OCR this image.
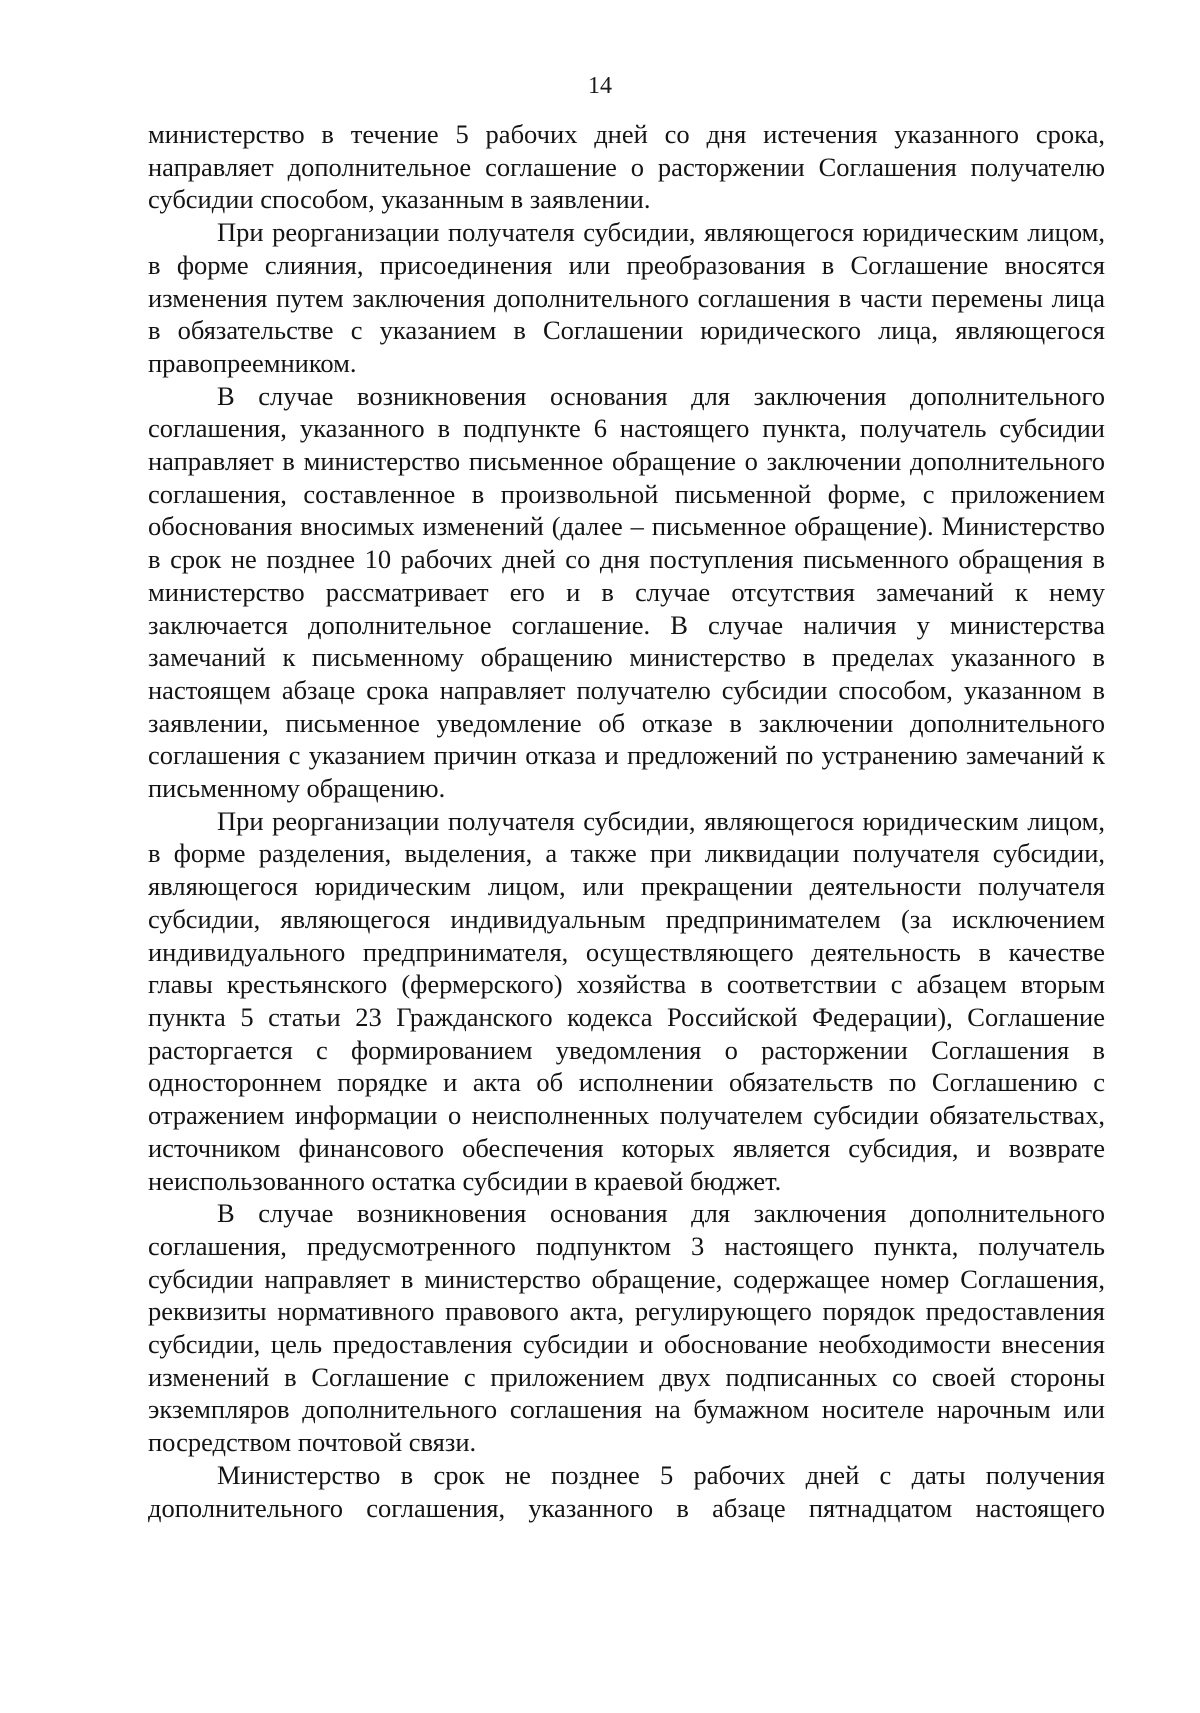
14

министерство в течение 5 рабочих дней со дня истечения указанного срока, направляет дополнительное соглашение о расторжении Соглашения получателю субсидии способом, указанным в заявлении.

При реорганизации получателя субсидии, являющегося юридическим лицом, в форме слияния, присоединения или преобразования в Соглашение вносятся изменения путем заключения дополнительного соглашения в части перемены лица в обязательстве с указанием в Соглашении юридического лица, являющегося правопреемником.

В случае возникновения основания для заключения дополнительного соглашения, указанного в подпункте 6 настоящего пункта, получатель субсидии направляет в министерство письменное обращение о заключении дополнительного соглашения, составленное в произвольной письменной форме, с приложением обоснования вносимых изменений (далее – письменное обращение). Министерство в срок не позднее 10 рабочих дней со дня поступления письменного обращения в министерство рассматривает его и в случае отсутствия замечаний к нему заключается дополнительное соглашение. В случае наличия у министерства замечаний к письменному обращению министерство в пределах указанного в настоящем абзаце срока направляет получателю субсидии способом, указанном в заявлении, письменное уведомление об отказе в заключении дополнительного соглашения с указанием причин отказа и предложений по устранению замечаний к письменному обращению.

При реорганизации получателя субсидии, являющегося юридическим лицом, в форме разделения, выделения, а также при ликвидации получателя субсидии, являющегося юридическим лицом, или прекращении деятельности получателя субсидии, являющегося индивидуальным предпринимателем (за исключением индивидуального предпринимателя, осуществляющего деятельность в качестве главы крестьянского (фермерского) хозяйства в соответствии с абзацем вторым пункта 5 статьи 23 Гражданского кодекса Российской Федерации), Соглашение расторгается с формированием уведомления о расторжении Соглашения в одностороннем порядке и акта об исполнении обязательств по Соглашению с отражением информации о неисполненных получателем субсидии обязательствах, источником финансового обеспечения которых является субсидия, и возврате неиспользованного остатка субсидии в краевой бюджет.

В случае возникновения основания для заключения дополнительного соглашения, предусмотренного подпунктом 3 настоящего пункта, получатель субсидии направляет в министерство обращение, содержащее номер Соглашения, реквизиты нормативного правового акта, регулирующего порядок предоставления субсидии, цель предоставления субсидии и обоснование необходимости внесения изменений в Соглашение с приложением двух подписанных со своей стороны экземпляров дополнительного соглашения на бумажном носителе нарочным или посредством почтовой связи.

Министерство в срок не позднее 5 рабочих дней с даты получения дополнительного соглашения, указанного в абзаце пятнадцатом настоящего
